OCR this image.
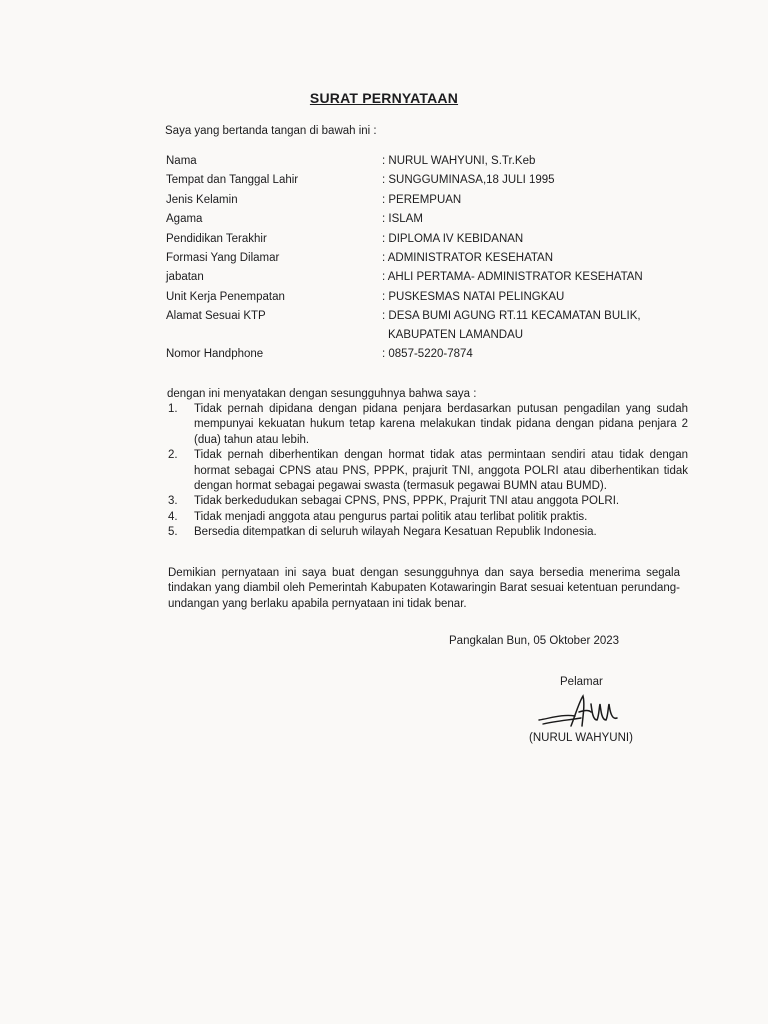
SURAT PERNYATAAN
Saya yang bertanda tangan di bawah ini :
Nama	: NURUL WAHYUNI, S.Tr.Keb
Tempat dan Tanggal Lahir	: SUNGGUMINASA,18 JULI 1995
Jenis Kelamin	: PEREMPUAN
Agama	: ISLAM
Pendidikan Terakhir	: DIPLOMA IV KEBIDANAN
Formasi Yang Dilamar	: ADMINISTRATOR KESEHATAN
jabatan	: AHLI PERTAMA- ADMINISTRATOR KESEHATAN
Unit Kerja Penempatan	: PUSKESMAS NATAI PELINGKAU
Alamat Sesuai KTP	: DESA BUMI AGUNG RT.11 KECAMATAN BULIK,
KABUPATEN LAMANDAU
Nomor Handphone	: 0857-5220-7874
dengan ini menyatakan dengan sesungguhnya bahwa saya :
1. Tidak pernah dipidana dengan pidana penjara berdasarkan putusan pengadilan yang sudah mempunyai kekuatan hukum tetap karena melakukan tindak pidana dengan pidana penjara 2 (dua) tahun atau lebih.
2. Tidak pernah diberhentikan dengan hormat tidak atas permintaan sendiri atau tidak dengan hormat sebagai CPNS atau PNS, PPPK, prajurit TNI, anggota POLRI atau diberhentikan tidak dengan hormat sebagai pegawai swasta (termasuk pegawai BUMN atau BUMD).
3. Tidak berkedudukan sebagai CPNS, PNS, PPPK, Prajurit TNI atau anggota POLRI.
4. Tidak menjadi anggota atau pengurus partai politik atau terlibat politik praktis.
5. Bersedia ditempatkan di seluruh wilayah Negara Kesatuan Republik Indonesia.
Demikian pernyataan ini saya buat dengan sesungguhnya dan saya bersedia menerima segala tindakan yang diambil oleh Pemerintah Kabupaten Kotawaringin Barat sesuai ketentuan perundang-undangan yang berlaku apabila pernyataan ini tidak benar.
Pangkalan Bun, 05 Oktober 2023
Pelamar
(NURUL WAHYUNI)
